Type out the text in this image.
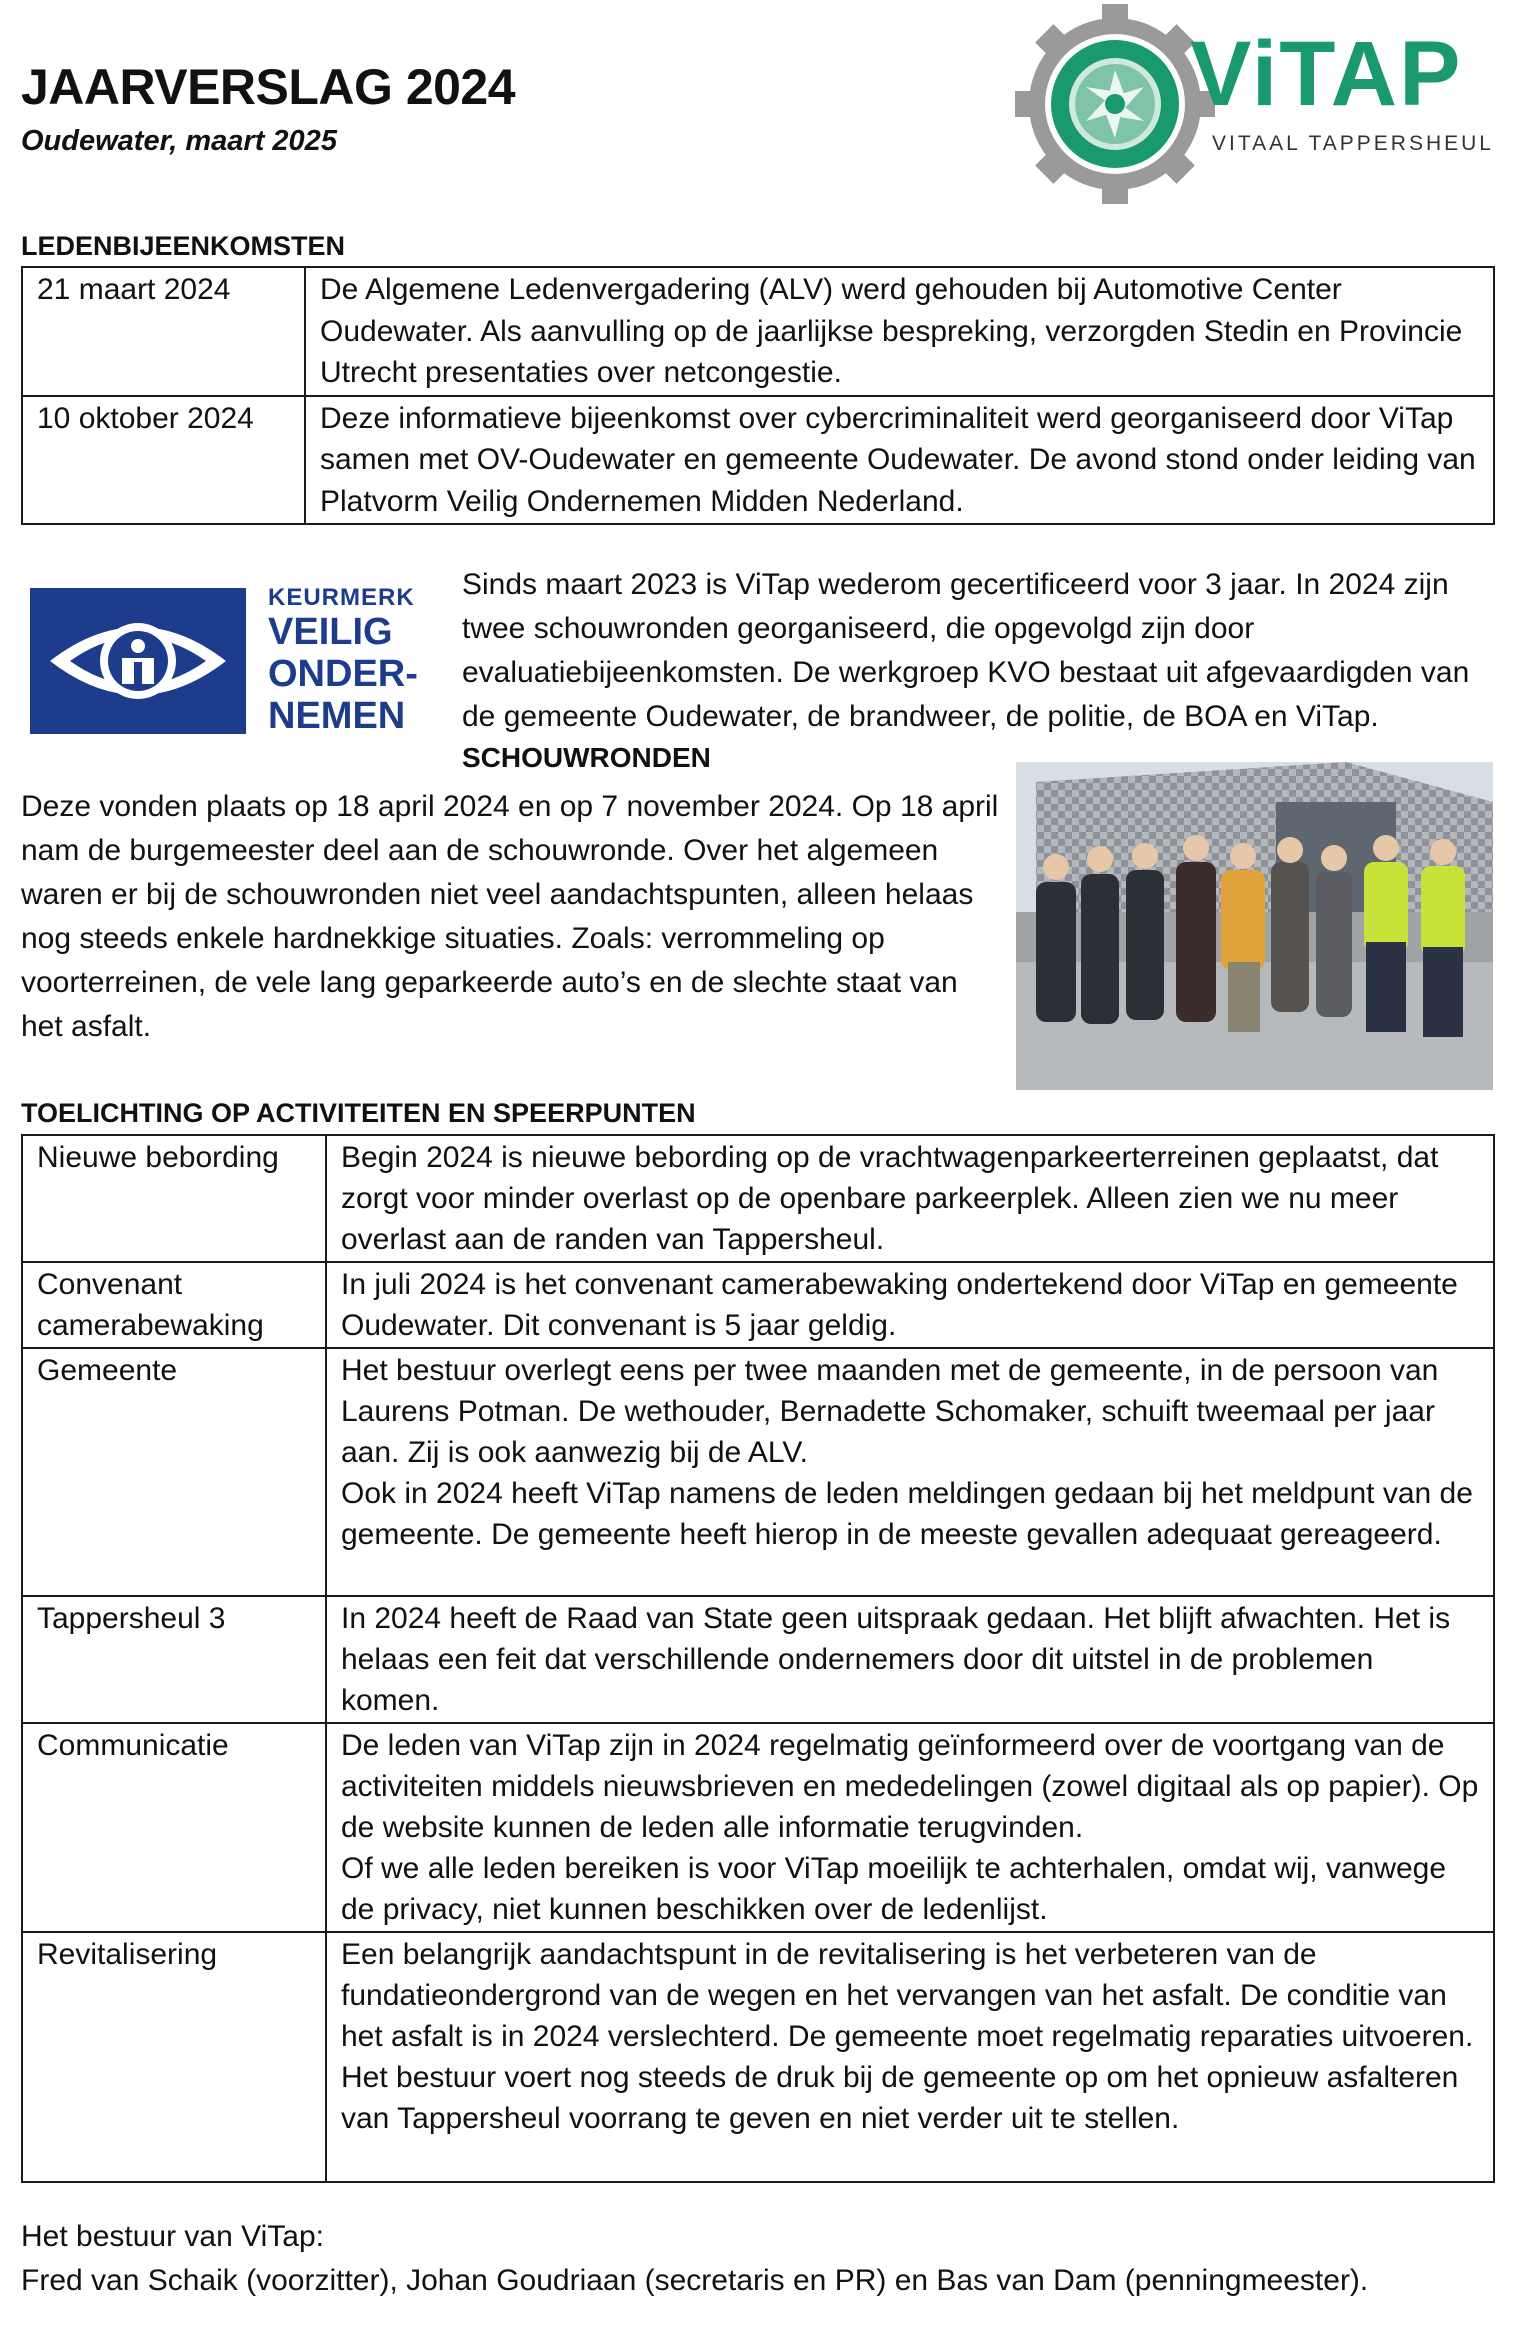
JAARVERSLAG 2024
Oudewater, maart 2025
ViTAP
VITAAL TAPPERSHEUL
LEDENBIJEENKOMSTEN
21 maart 2024	De Algemene Ledenvergadering (ALV) werd gehouden bij Automotive Center Oudewater. Als aanvulling op de jaarlijkse bespreking, verzorgden Stedin en Provincie Utrecht presentaties over netcongestie.
10 oktober 2024	Deze informatieve bijeenkomst over cybercriminaliteit werd georganiseerd door ViTap samen met OV-Oudewater en gemeente Oudewater. De avond stond onder leiding van Platvorm Veilig Ondernemen Midden Nederland.
KEURMERK
VEILIG
ONDER-
NEMEN
Sinds maart 2023 is ViTap wederom gecertificeerd voor 3 jaar. In 2024 zijn twee schouwronden georganiseerd, die opgevolgd zijn door evaluatiebijeenkomsten. De werkgroep KVO bestaat uit afgevaardigden van de gemeente Oudewater, de brandweer, de politie, de BOA en ViTap.
SCHOUWRONDEN
Deze vonden plaats op 18 april 2024 en op 7 november 2024. Op 18 april nam de burgemeester deel aan de schouwronde. Over het algemeen waren er bij de schouwronden niet veel aandachtspunten, alleen helaas nog steeds enkele hardnekkige situaties. Zoals: verrommeling op voorterreinen, de vele lang geparkeerde auto’s en de slechte staat van het asfalt.
TOELICHTING OP ACTIVITEITEN EN SPEERPUNTEN
Nieuwe bebording	Begin 2024 is nieuwe bebording op de vrachtwagenparkeerterreinen geplaatst, dat zorgt voor minder overlast op de openbare parkeerplek. Alleen zien we nu meer overlast aan de randen van Tappersheul.

Convenant camerabewaking	In juli 2024 is het convenant camerabewaking ondertekend door ViTap en gemeente Oudewater. Dit convenant is 5 jaar geldig.

Gemeente	Het bestuur overlegt eens per twee maanden met de gemeente, in de persoon van Laurens Potman. De wethouder, Bernadette Schomaker, schuift tweemaal per jaar aan. Zij is ook aanwezig bij de ALV.
Ook in 2024 heeft ViTap namens de leden meldingen gedaan bij het meldpunt van de gemeente. De gemeente heeft hierop in de meeste gevallen adequaat gereageerd.

Tappersheul 3	In 2024 heeft de Raad van State geen uitspraak gedaan. Het blijft afwachten. Het is helaas een feit dat verschillende ondernemers door dit uitstel in de problemen komen.

Communicatie	De leden van ViTap zijn in 2024 regelmatig geïnformeerd over de voortgang van de activiteiten middels nieuwsbrieven en mededelingen (zowel digitaal als op papier). Op de website kunnen de leden alle informatie terugvinden.
Of we alle leden bereiken is voor ViTap moeilijk te achterhalen, omdat wij, vanwege de privacy, niet kunnen beschikken over de ledenlijst.

Revitalisering	Een belangrijk aandachtspunt in de revitalisering is het verbeteren van de fundatieondergrond van de wegen en het vervangen van het asfalt. De conditie van het asfalt is in 2024 verslechterd. De gemeente moet regelmatig reparaties uitvoeren. Het bestuur voert nog steeds de druk bij de gemeente op om het opnieuw asfalteren van Tappersheul voorrang te geven en niet verder uit te stellen.
Het bestuur van ViTap:
Fred van Schaik (voorzitter), Johan Goudriaan (secretaris en PR) en Bas van Dam (penningmeester).
